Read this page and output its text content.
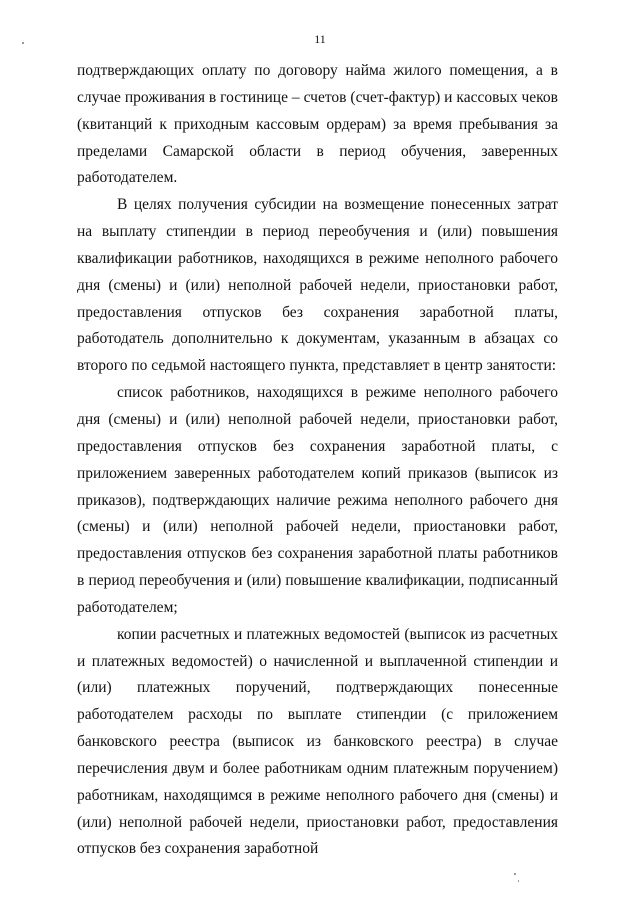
11

подтверждающих оплату по договору найма жилого помещения, а в случае проживания в гостинице – счетов (счет-фактур) и кассовых чеков (квитанций к приходным кассовым ордерам) за время пребывания за пределами Самарской области в период обучения, заверенных работодателем.

В целях получения субсидии на возмещение понесенных затрат на выплату стипендии в период переобучения и (или) повышения квалификации работников, находящихся в режиме неполного рабочего дня (смены) и (или) неполной рабочей недели, приостановки работ, предоставления отпусков без сохранения заработной платы, работодатель дополнительно к документам, указанным в абзацах со второго по седьмой настоящего пункта, представляет в центр занятости:

список работников, находящихся в режиме неполного рабочего дня (смены) и (или) неполной рабочей недели, приостановки работ, предоставления отпусков без сохранения заработной платы, с приложением заверенных работодателем копий приказов (выписок из приказов), подтверждающих наличие режима неполного рабочего дня (смены) и (или) неполной рабочей недели, приостановки работ, предоставления отпусков без сохранения заработной платы работников в период переобучения и (или) повышение квалификации, подписанный работодателем;

копии расчетных и платежных ведомостей (выписок из расчетных и платежных ведомостей) о начисленной и выплаченной стипендии и (или) платежных поручений, подтверждающих понесенные работодателем расходы по выплате стипендии (с приложением банковского реестра (выписок из банковского реестра) в случае перечисления двум и более работникам одним платежным поручением) работникам, находящимся в режиме неполного рабочего дня (смены) и (или) неполной рабочей недели, приостановки работ, предоставления отпусков без сохранения заработной
